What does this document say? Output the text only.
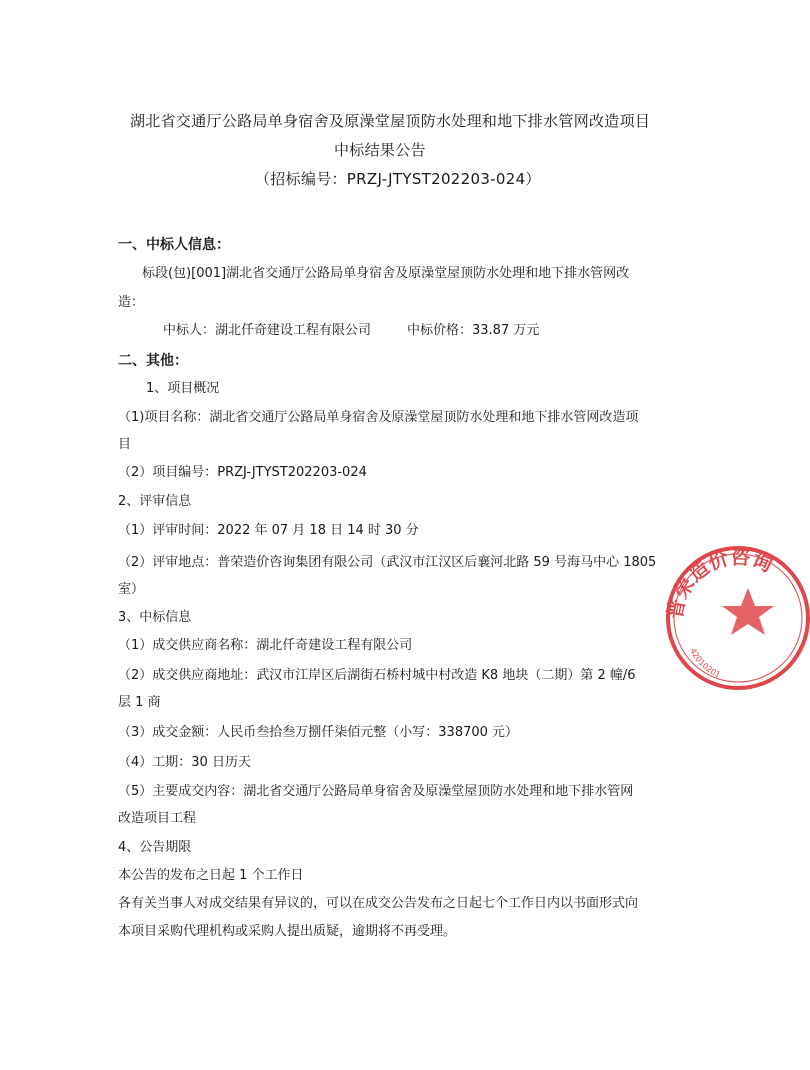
湖北省交通厅公路局单身宿舍及原澡堂屋顶防水处理和地下排水管网改造项目
中标结果公告
（招标编号：PRZJ-JTYST202203-024）
一、中标人信息：
标段(包)[001]湖北省交通厅公路局单身宿舍及原澡堂屋顶防水处理和地下排水管网改
造：
中标人：湖北仟奇建设工程有限公司	中标价格：33.87 万元
二、其他：
1、项目概况
（1)项目名称：湖北省交通厅公路局单身宿舍及原澡堂屋顶防水处理和地下排水管网改造项
目
（2）项目编号：PRZJ-JTYST202203-024
2、评审信息
（1）评审时间：2022 年 07 月 18 日 14 时 30 分
（2）评审地点：普荣造价咨询集团有限公司（武汉市江汉区后襄河北路 59 号海马中心 1805
室）
3、中标信息
（1）成交供应商名称：湖北仟奇建设工程有限公司
（2）成交供应商地址：武汉市江岸区后湖街石桥村城中村改造 K8 地块（二期）第 2 幢/6
层 1 商
（3）成交金额：人民币叁拾叁万捌仟柒佰元整（小写：338700 元）
（4）工期：30 日历天
（5）主要成交内容：湖北省交通厅公路局单身宿舍及原澡堂屋顶防水处理和地下排水管网
改造项目工程
4、公告期限
本公告的发布之日起 1 个工作日
各有关当事人对成交结果有异议的，可以在成交公告发布之日起七个工作日内以书面形式向
本项目采购代理机构或采购人提出质疑，逾期将不再受理。
普荣造价咨询
42010201
